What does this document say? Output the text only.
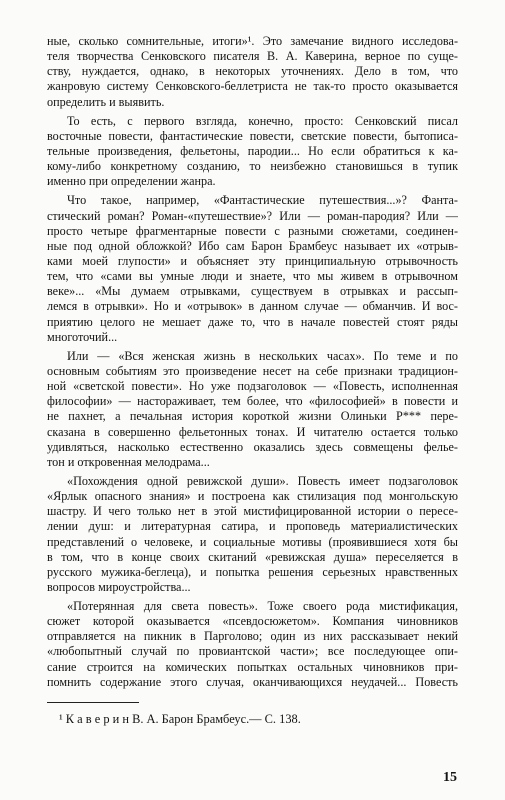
ные, сколько сомнительные, итоги»¹. Это замечание видного исследова-
теля творчества Сенковского писателя В. А. Каверина, верное по суще-
ству, нуждается, однако, в некоторых уточнениях. Дело в том, что
жанровую систему Сенковского-беллетриста не так-то просто оказывается
определить и выявить.
То есть, с первого взгляда, конечно, просто: Сенковский писал
восточные повести, фантастические повести, светские повести, бытописа-
тельные произведения, фельетоны, пародии... Но если обратиться к ка-
кому-либо конкретному созданию, то неизбежно становишься в тупик
именно при определении жанра.
Что такое, например, «Фантастические путешествия...»? Фанта-
стический роман? Роман-«путешествие»? Или — роман-пародия? Или —
просто четыре фрагментарные повести с разными сюжетами, соединен-
ные под одной обложкой? Ибо сам Барон Брамбеус называет их «отрыв-
ками моей глупости» и объясняет эту принципиальную отрывочность
тем, что «сами вы умные люди и знаете, что мы живем в отрывочном
веке»... «Мы думаем отрывками, существуем в отрывках и рассып-
лемся в отрывки». Но и «отрывок» в данном случае — обманчив. И вос-
приятию целого не мешает даже то, что в начале повестей стоят ряды
многоточий...
Или — «Вся женская жизнь в нескольких часах». По теме и по
основным событиям это произведение несет на себе признаки традицион-
ной «светской повести». Но уже подзаголовок — «Повесть, исполненная
философии» — настораживает, тем более, что «философией» в повести и
не пахнет, а печальная история короткой жизни Олиньки Р*** пере-
сказана в совершенно фельетонных тонах. И читателю остается только
удивляться, насколько естественно оказались здесь совмещены фелье-
тон и откровенная мелодрама...
«Похождения одной ревижской души». Повесть имеет подзаголовок
«Ярлык опасного знания» и построена как стилизация под монгольскую
шастру. И чего только нет в этой мистифицированной истории о пересе-
лении душ: и литературная сатира, и проповедь материалистических
представлений о человеке, и социальные мотивы (проявившиеся хотя бы
в том, что в конце своих скитаний «ревижская душа» переселяется в
русского мужика-беглеца), и попытка решения серьезных нравственных
вопросов мироустройства...
«Потерянная для света повесть». Тоже своего рода мистификация,
сюжет которой оказывается «псевдосюжетом». Компания чиновников
отправляется на пикник в Парголово; один из них рассказывает некий
«любопытный случай по провиантской части»; все последующее опи-
сание строится на комических попытках остальных чиновников при-
помнить содержание этого случая, оканчивающихся неудачей... Повесть
¹ К а в е р и н В. А. Барон Брамбеус.— С. 138.
15
